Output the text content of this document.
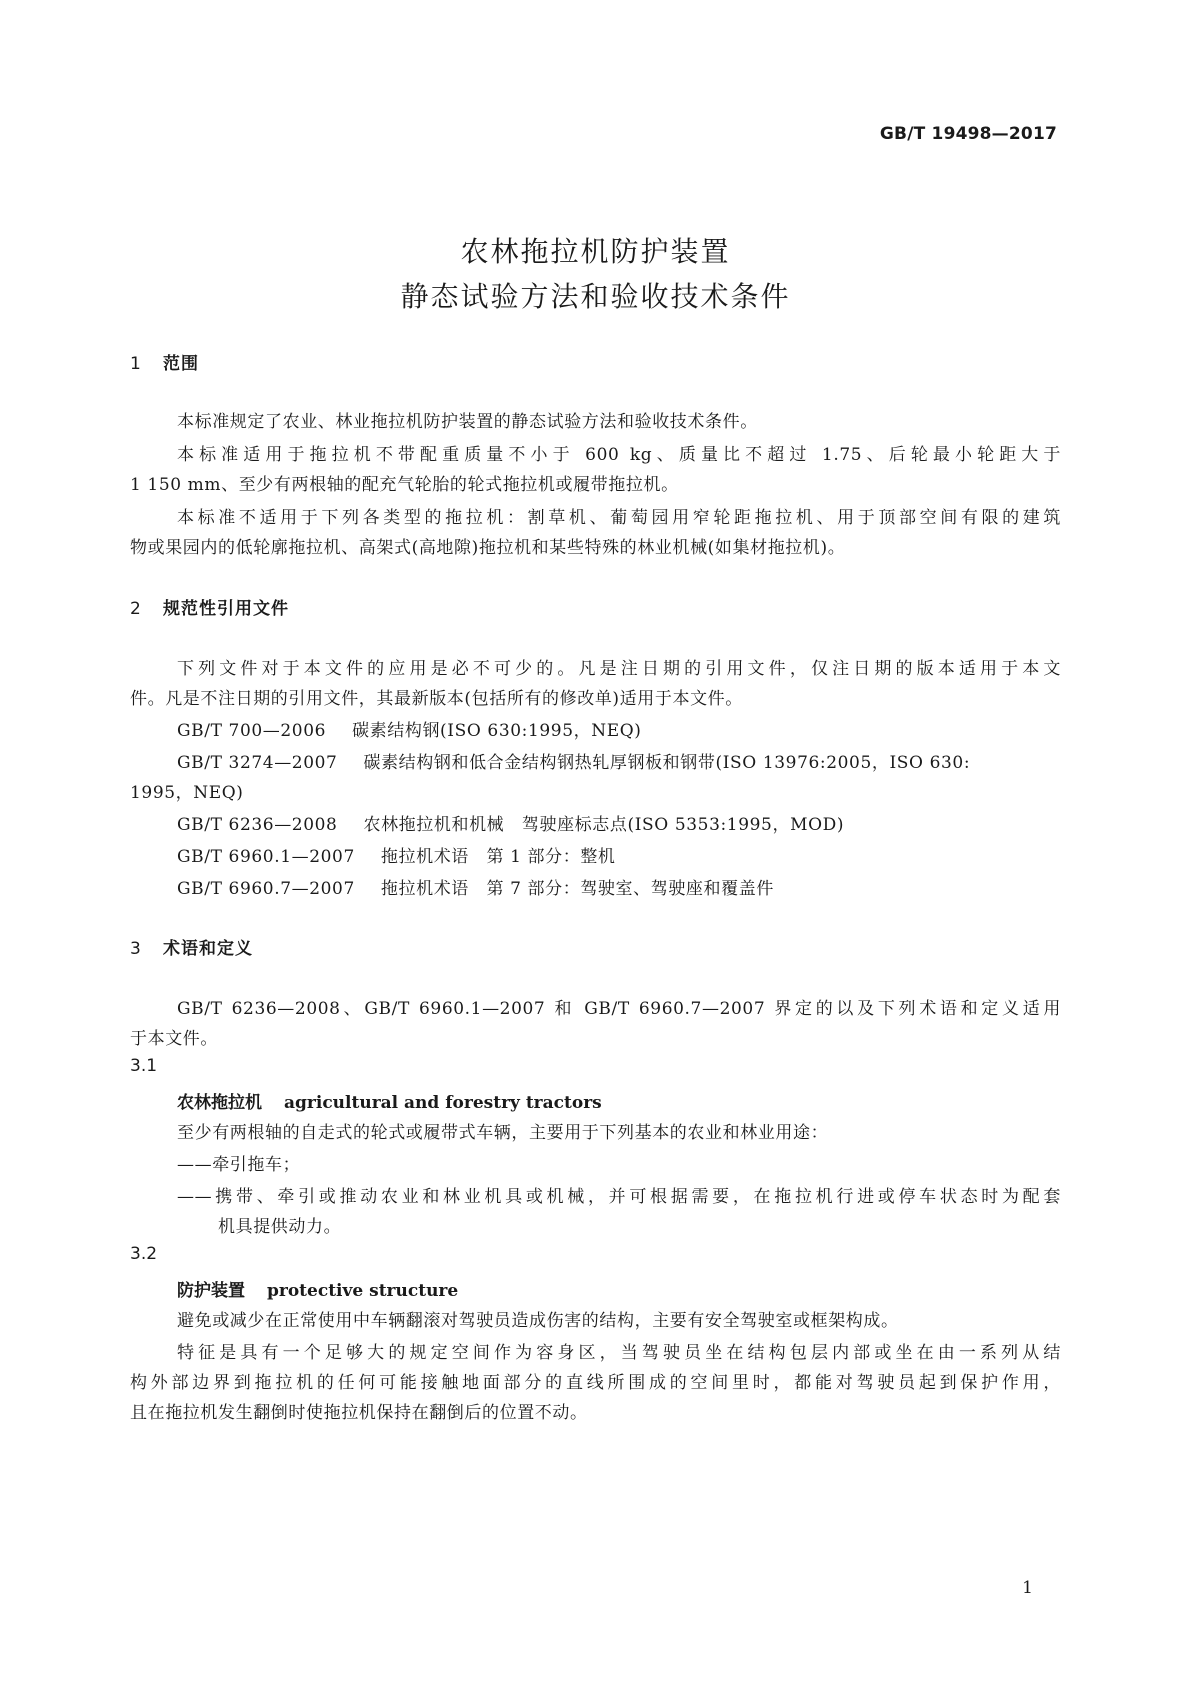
GB/T 19498—2017
农林拖拉机防护装置
静态试验方法和验收技术条件
1 范围
本标准规定了农业、林业拖拉机防护装置的静态试验方法和验收技术条件。
本标准适用于拖拉机不带配重质量不小于 600 kg、质量比不超过 1.75、后轮最小轮距大于
1 150 mm、至少有两根轴的配充气轮胎的轮式拖拉机或履带拖拉机。
本标准不适用于下列各类型的拖拉机：割草机、葡萄园用窄轮距拖拉机、用于顶部空间有限的建筑
物或果园内的低轮廓拖拉机、高架式(高地隙)拖拉机和某些特殊的林业机械(如集材拖拉机)。
2 规范性引用文件
下列文件对于本文件的应用是必不可少的。凡是注日期的引用文件，仅注日期的版本适用于本文
件。凡是不注日期的引用文件，其最新版本(包括所有的修改单)适用于本文件。
GB/T 700—2006 碳素结构钢(ISO 630:1995，NEQ)
GB/T 3274—2007 碳素结构钢和低合金结构钢热轧厚钢板和钢带(ISO 13976:2005，ISO 630:
1995，NEQ)
GB/T 6236—2008 农林拖拉机和机械　驾驶座标志点(ISO 5353:1995，MOD)
GB/T 6960.1—2007 拖拉机术语　第 1 部分：整机
GB/T 6960.7—2007 拖拉机术语　第 7 部分：驾驶室、驾驶座和覆盖件
3 术语和定义
GB/T 6236—2008、GB/T 6960.1—2007 和 GB/T 6960.7—2007 界定的以及下列术语和定义适用
于本文件。
3.1
农林拖拉机 agricultural and forestry tractors
至少有两根轴的自走式的轮式或履带式车辆，主要用于下列基本的农业和林业用途：
——牵引拖车；
——携带、牵引或推动农业和林业机具或机械，并可根据需要，在拖拉机行进或停车状态时为配套
机具提供动力。
3.2
防护装置 protective structure
避免或减少在正常使用中车辆翻滚对驾驶员造成伤害的结构，主要有安全驾驶室或框架构成。
特征是具有一个足够大的规定空间作为容身区，当驾驶员坐在结构包层内部或坐在由一系列从结
构外部边界到拖拉机的任何可能接触地面部分的直线所围成的空间里时，都能对驾驶员起到保护作用，
且在拖拉机发生翻倒时使拖拉机保持在翻倒后的位置不动。
1
